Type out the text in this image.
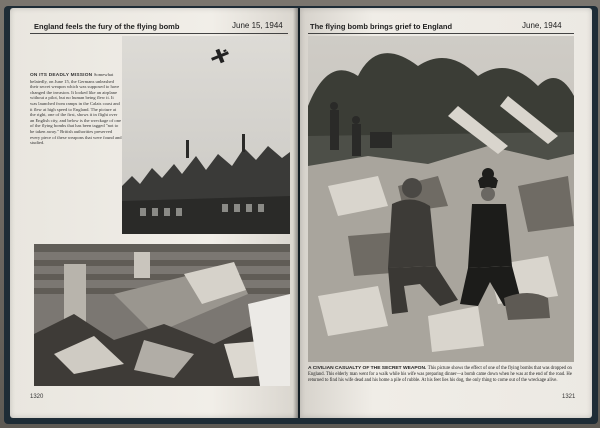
England feels the fury of the flying bomb	June 15, 1944
ON ITS DEADLY MISSION Somewhat belatedly, on June 15, the Germans unleashed their secret weapon which was supposed to have changed the invasion. It looked like an airplane without a pilot, but no human being flew it. It was launched from ramps in the Calais coast and it flew at high speed to England. The picture at the right, one of the first, shows it in flight over an English city, and below is the wreckage of one of the flying bombs that has been tagged "not to be taken away." British authorities preserved every piece of these weapons that were found and studied.
1320
The flying bomb brings grief to England	June, 1944
A CIVILIAN CASUALTY OF THE SECRET WEAPON. This picture shows the effect of one of the flying bombs that was dropped on England. This elderly man went for a walk while his wife was preparing dinner—a bomb came down when he was at the end of the road. He returned to find his wife dead and his home a pile of rubble. At his feet lies his dog, the only thing to come out of the wreckage alive.
1321
